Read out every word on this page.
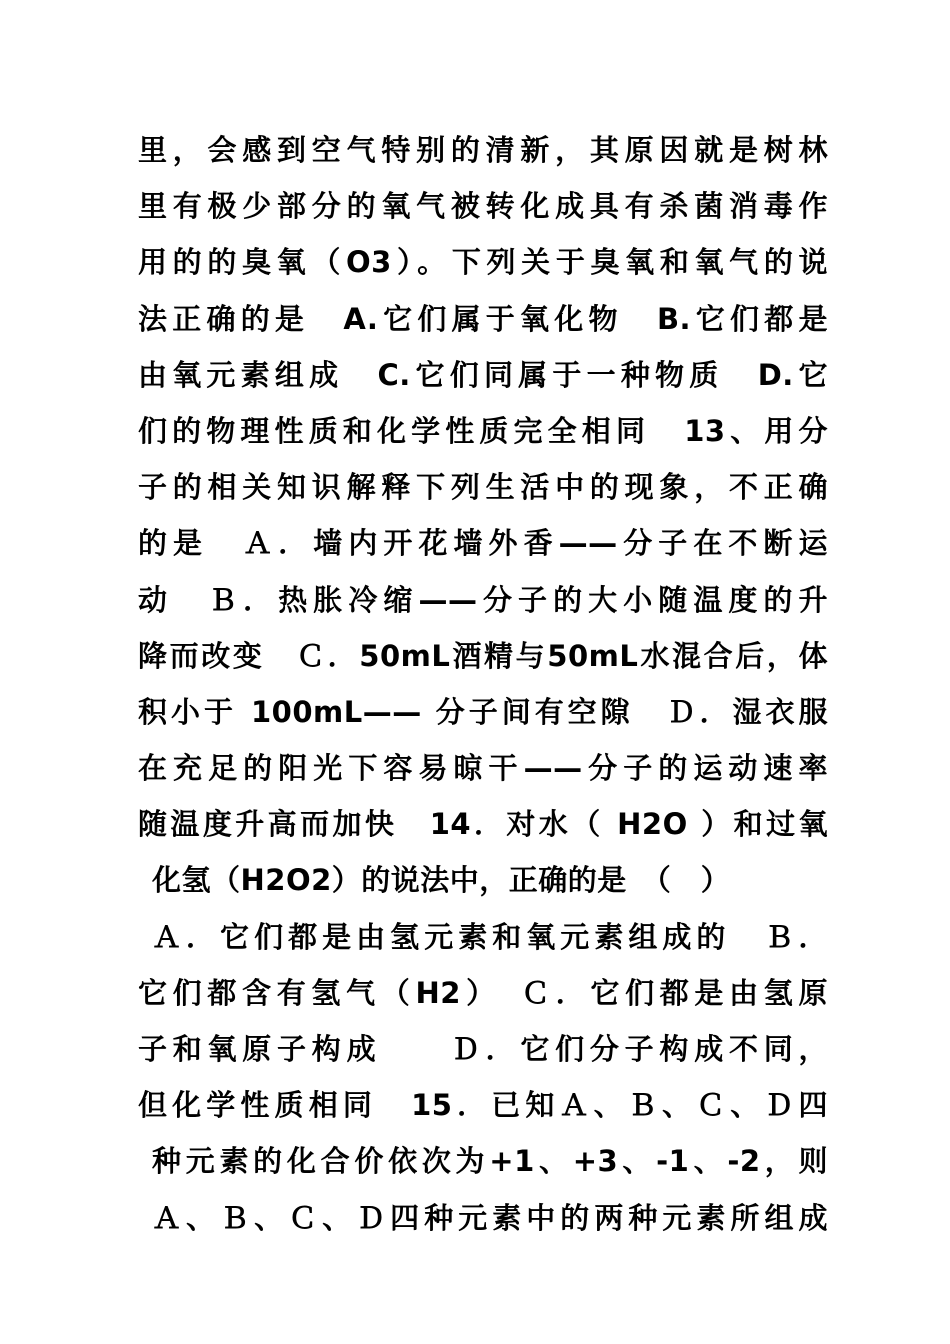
里，会感到空气特别的清新，其原因就是树林
里有极少部分的氧气被转化成具有杀菌消毒作
用的的臭氧（O3）。下列关于臭氧和氧气的说
法正确的是　A.它们属于氧化物　B.它们都是
由氧元素组成　C.它们同属于一种物质　D.它
们的物理性质和化学性质完全相同　13、用分
子的相关知识解释下列生活中的现象，不正确
的是　Ａ．墙内开花墙外香——分子在不断运
动　Ｂ．热胀冷缩——分子的大小随温度的升
降而改变　Ｃ．50mL酒精与50mL水混合后，体
积小于 100mL—— 分子间有空隙　Ｄ．湿衣服
在充足的阳光下容易晾干——分子的运动速率
随温度升高而加快　14．对水（ H2O ）和过氧
化氢（H2O2）的说法中，正确的是　（　）
Ａ．它们都是由氢元素和氧元素组成的　Ｂ．
它们都含有氢气（H2）　Ｃ．它们都是由氢原
子和氧原子构成　　Ｄ．它们分子构成不同，
但化学性质相同　15．已知Ａ、Ｂ、Ｃ、Ｄ四
种元素的化合价依次为+1、+3、-1、-2，则
Ａ、Ｂ、Ｃ、Ｄ四种元素中的两种元素所组成
